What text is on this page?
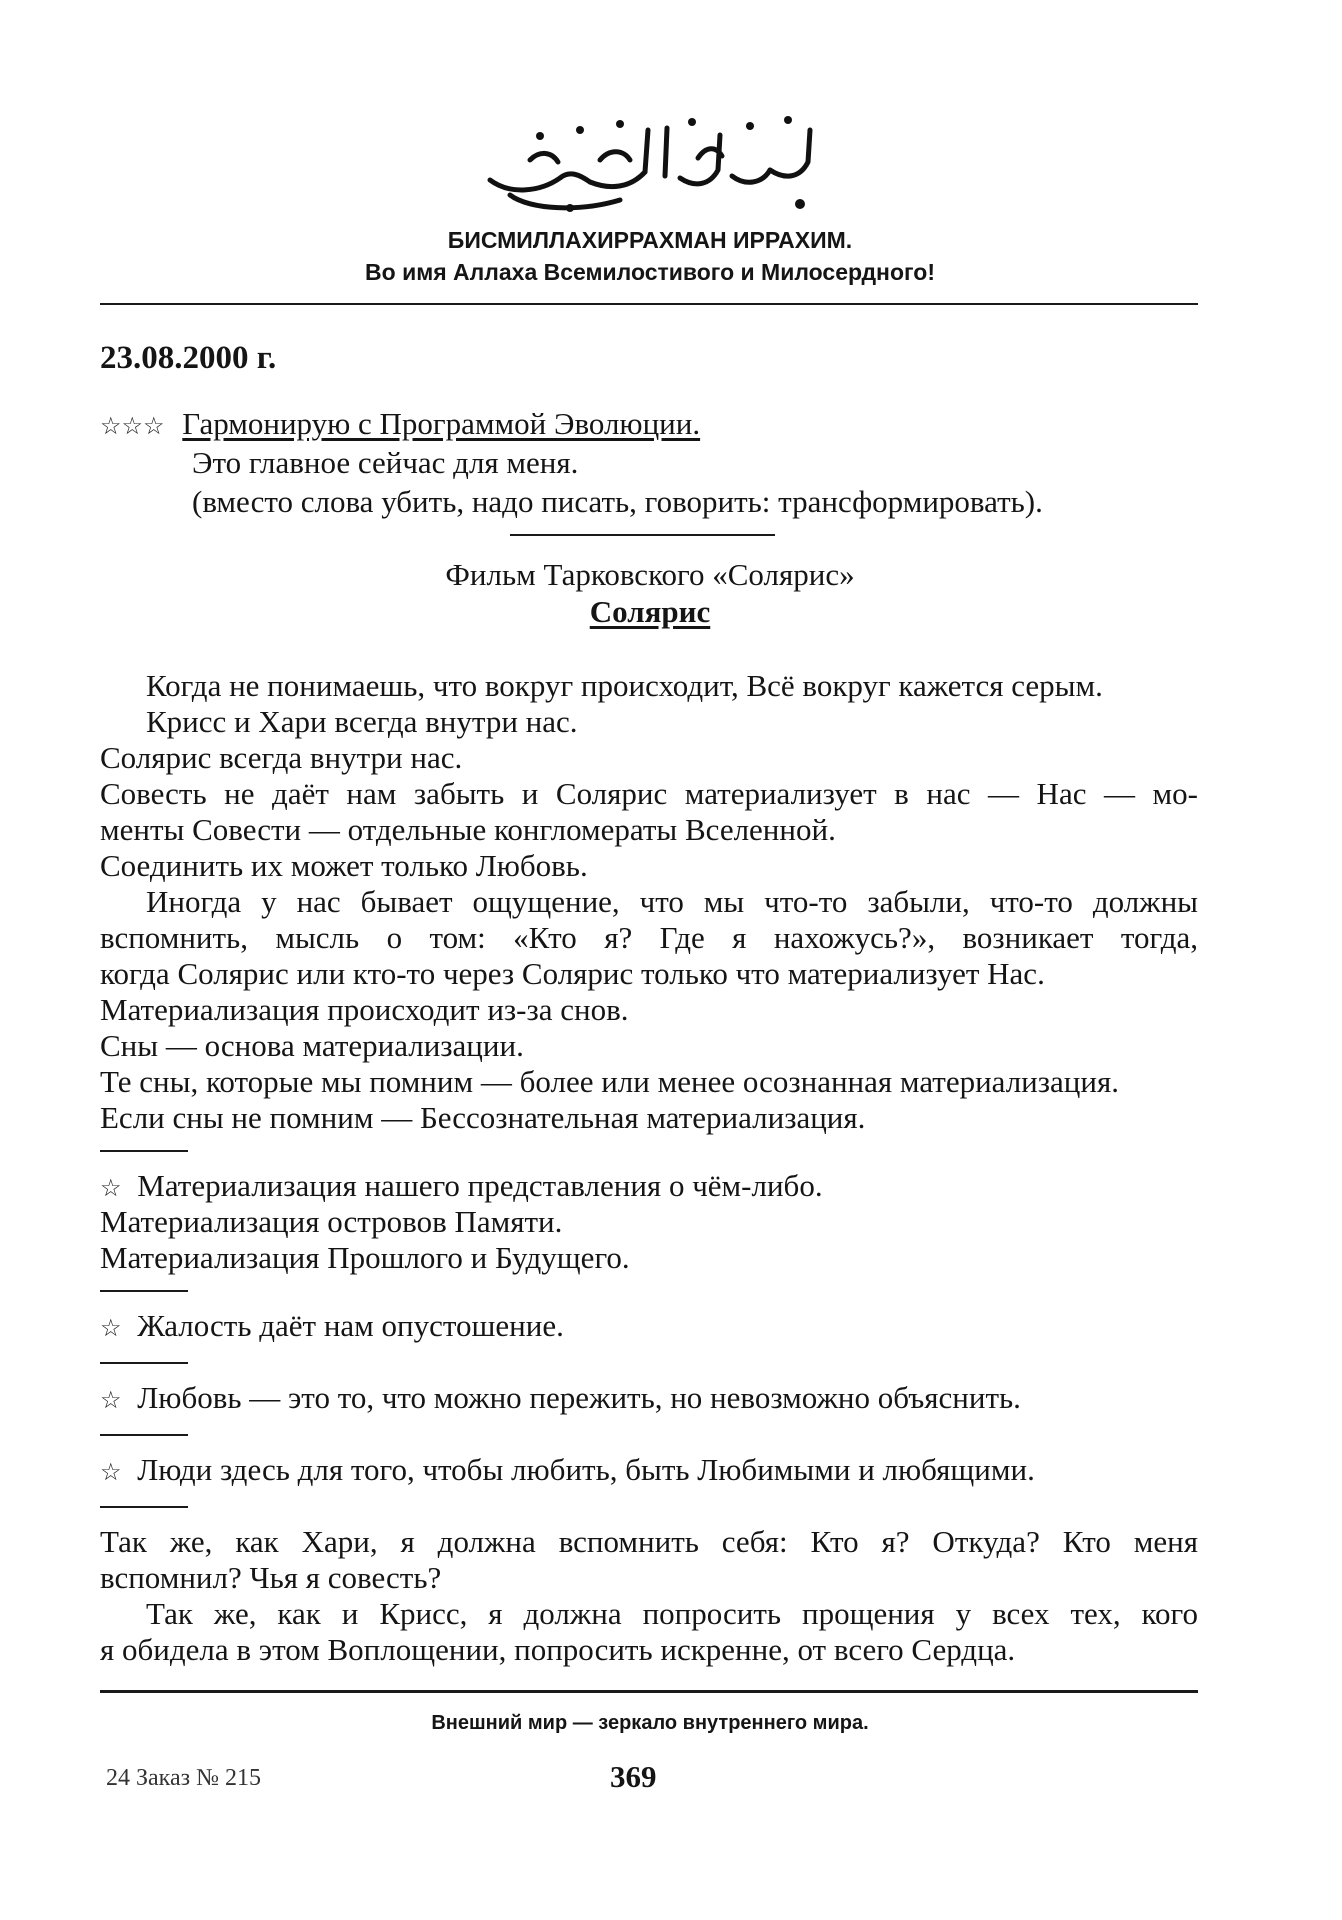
БИСМИЛЛАХИРРАХМАН ИРРАХИМ.
Во имя Аллаха Всемилостивого и Милосердного!
23.08.2000 г.
☆☆☆ Гармонирую с Программой Эволюции.
Это главное сейчас для меня.
(вместо слова убить, надо писать, говорить: трансформировать).
Фильм Тарковского «Солярис»
Солярис
Когда не понимаешь, что вокруг происходит, Всё вокруг кажется серым.
Крисс и Хари всегда внутри нас.
Солярис всегда внутри нас.
Совесть не даёт нам забыть и Солярис материализует в нас — Нас — мо-
менты Совести — отдельные конгломераты Вселенной.
Соединить их может только Любовь.
Иногда у нас бывает ощущение, что мы что-то забыли, что-то должны
вспомнить, мысль о том: «Кто я? Где я нахожусь?», возникает тогда,
когда Солярис или кто-то через Солярис только что материализует Нас.
Материализация происходит из-за снов.
Сны — основа материализации.
Те сны, которые мы помним — более или менее осознанная материализация.
Если сны не помним — Бессознательная материализация.
☆ Материализация нашего представления о чём-либо.
Материализация островов Памяти.
Материализация Прошлого и Будущего.
☆ Жалость даёт нам опустошение.
☆ Любовь — это то, что можно пережить, но невозможно объяснить.
☆ Люди здесь для того, чтобы любить, быть Любимыми и любящими.
Так же, как Хари, я должна вспомнить себя: Кто я? Откуда? Кто меня
вспомнил? Чья я совесть?
Так же, как и Крисс, я должна попросить прощения у всех тех, кого
я обидела в этом Воплощении, попросить искренне, от всего Сердца.
Внешний мир — зеркало внутреннего мира.
24 Заказ № 215	369
